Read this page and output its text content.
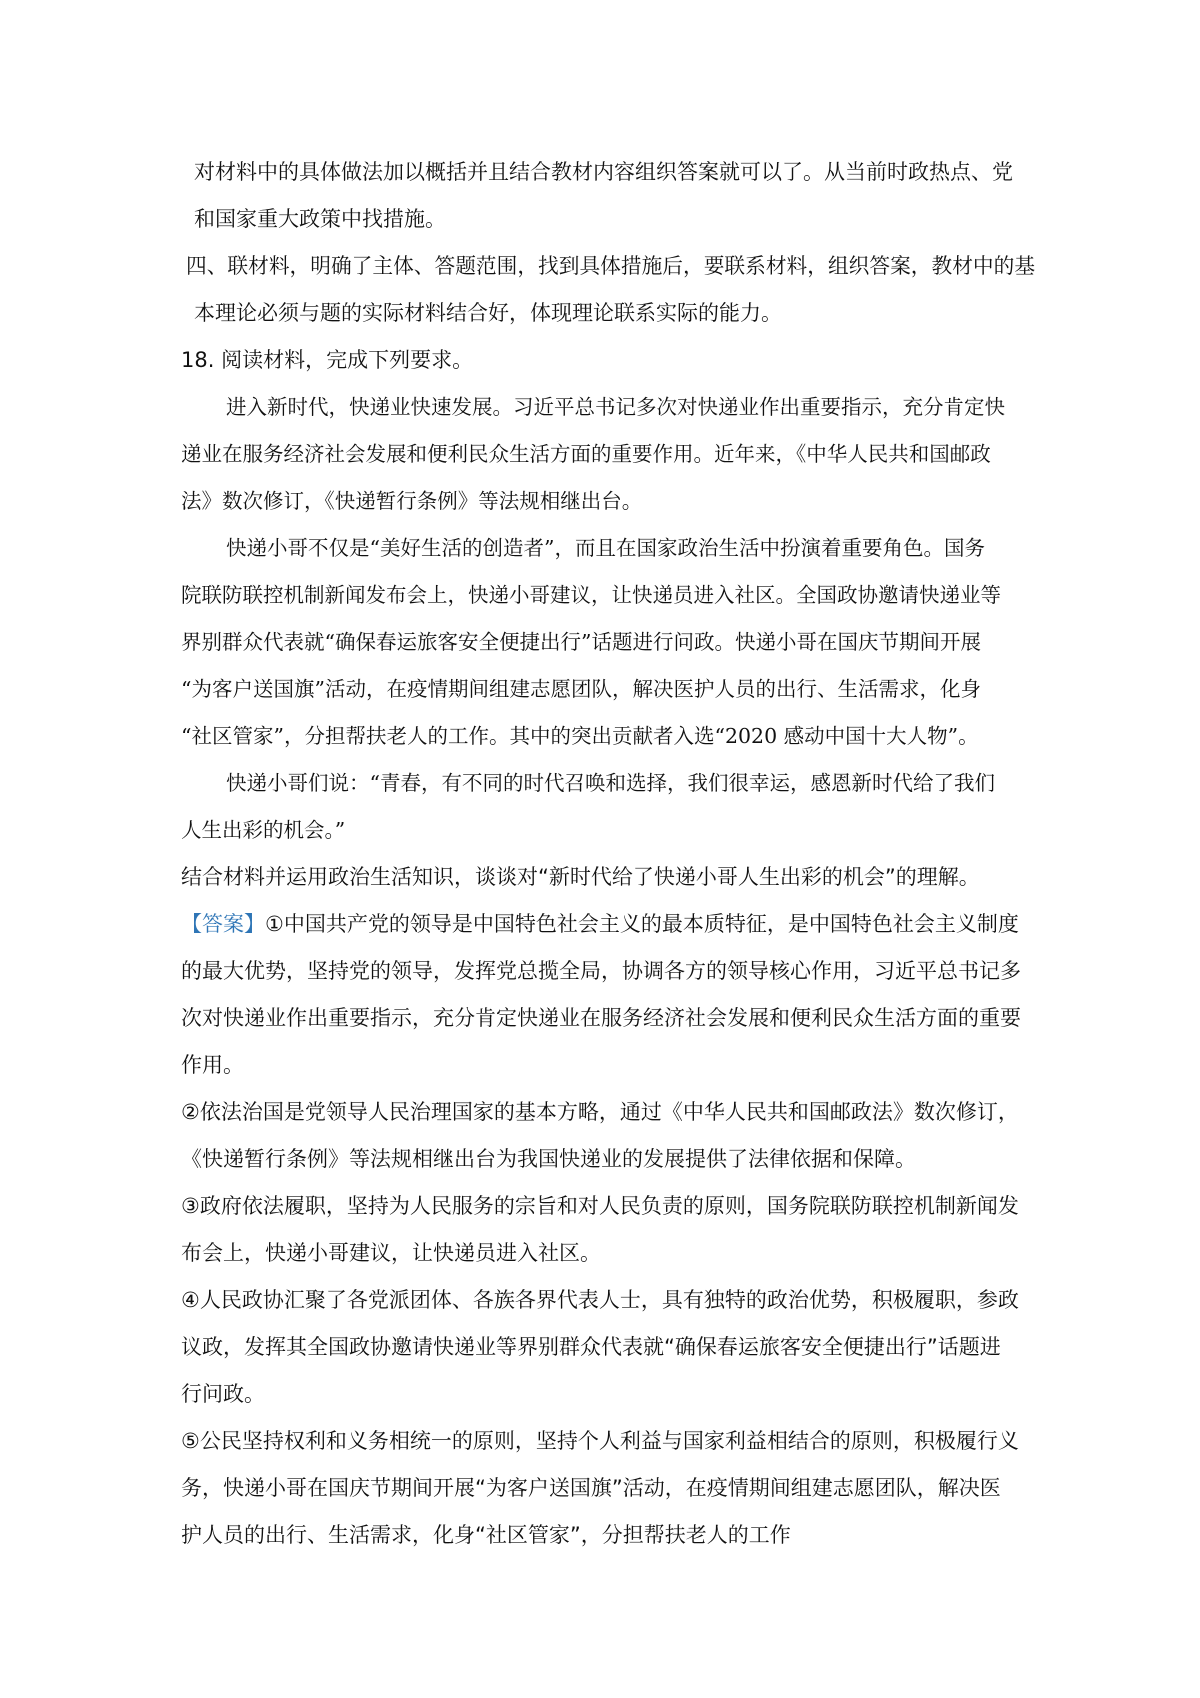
对材料中的具体做法加以概括并且结合教材内容组织答案就可以了。从当前时政热点、党
和国家重大政策中找措施。
四、联材料，明确了主体、答题范围，找到具体措施后，要联系材料，组织答案，教材中的基
本理论必须与题的实际材料结合好，体现理论联系实际的能力。
18. 阅读材料，完成下列要求。
进入新时代，快递业快速发展。习近平总书记多次对快递业作出重要指示，充分肯定快
递业在服务经济社会发展和便利民众生活方面的重要作用。近年来，《中华人民共和国邮政
法》数次修订，《快递暂行条例》等法规相继出台。
快递小哥不仅是“美好生活的创造者”，而且在国家政治生活中扮演着重要角色。国务
院联防联控机制新闻发布会上，快递小哥建议，让快递员进入社区。全国政协邀请快递业等
界别群众代表就“确保春运旅客安全便捷出行”话题进行问政。快递小哥在国庆节期间开展
“为客户送国旗”活动，在疫情期间组建志愿团队，解决医护人员的出行、生活需求，化身
“社区管家”，分担帮扶老人的工作。其中的突出贡献者入选“2020 感动中国十大人物”。
快递小哥们说：“青春，有不同的时代召唤和选择，我们很幸运，感恩新时代给了我们
人生出彩的机会。”
结合材料并运用政治生活知识，谈谈对“新时代给了快递小哥人生出彩的机会”的理解。
【答案】①中国共产党的领导是中国特色社会主义的最本质特征，是中国特色社会主义制度
的最大优势，坚持党的领导，发挥党总揽全局，协调各方的领导核心作用，习近平总书记多
次对快递业作出重要指示，充分肯定快递业在服务经济社会发展和便利民众生活方面的重要
作用。
②依法治国是党领导人民治理国家的基本方略，通过《中华人民共和国邮政法》数次修订，
《快递暂行条例》等法规相继出台为我国快递业的发展提供了法律依据和保障。
③政府依法履职，坚持为人民服务的宗旨和对人民负责的原则，国务院联防联控机制新闻发
布会上，快递小哥建议，让快递员进入社区。
④人民政协汇聚了各党派团体、各族各界代表人士，具有独特的政治优势，积极履职，参政
议政，发挥其全国政协邀请快递业等界别群众代表就“确保春运旅客安全便捷出行”话题进
行问政。
⑤公民坚持权利和义务相统一的原则，坚持个人利益与国家利益相结合的原则，积极履行义
务，快递小哥在国庆节期间开展“为客户送国旗”活动，在疫情期间组建志愿团队，解决医
护人员的出行、生活需求，化身“社区管家”，分担帮扶老人的工作
